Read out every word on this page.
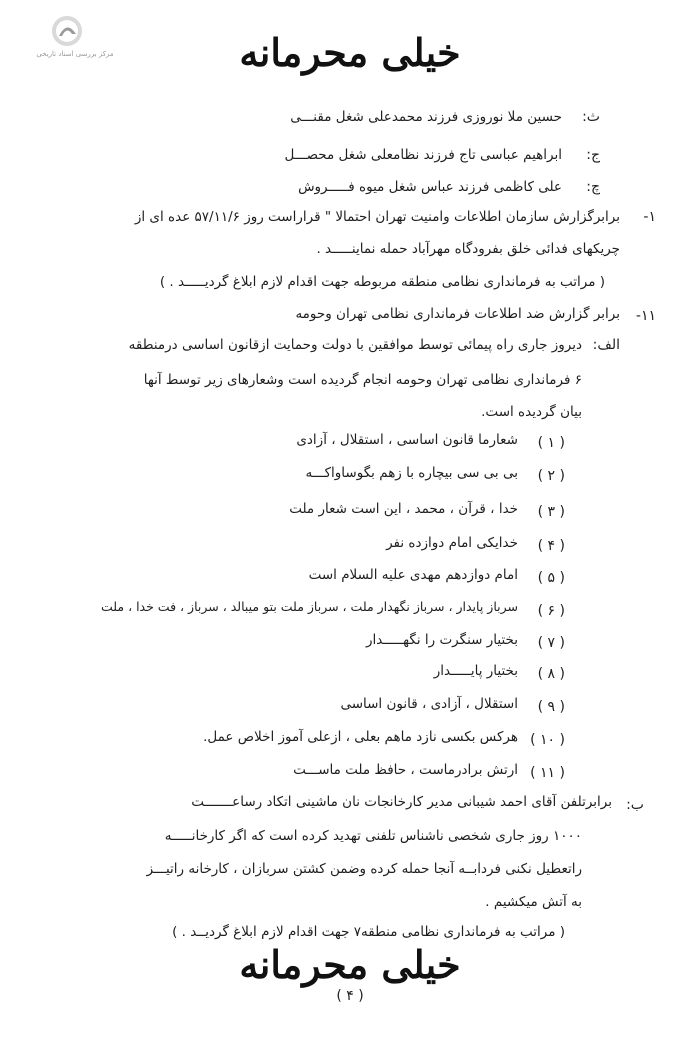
مرکز بررسی اسناد تاریخی	خیلی محرمانه
ث:
حسین ملا نوروزی فرزند محمدعلی شغل مقنـــی
ج:
ابراهیم عباسی تاج فرزند نظامعلی شغل محصـــل
چ:
علی کاظمی فرزند عباس شغل میوه فـــــروش
۱-
برابرگزارش سازمان اطلاعات وامنیت تهران احتمالا " قراراست روز ۵۷/۱۱/۶ عده ای از
چریکهای فدائی خلق بفرودگاه مهرآباد حمله نماینـــــد .
( مراتب به فرمانداری نظامی منطقه مربوطه جهت اقدام لازم ابلاغ گردیـــــد . )
۱۱-
برابر گزارش ضد اطلاعات فرمانداری نظامی تهران وحومه
الف:
دیروز جاری راه پیمائی توسط موافقین با دولت وحمایت ازقانون اساسی درمنطقه
۶ فرمانداری نظامی تهران وحومه انجام گردیده است وشعارهای زیر توسط آنها
بیان گردیده است.
( ۱ )
شعارما قانون اساسی ، استقلال ، آزادی
( ۲ )
بی بی سی بیچاره با زهم بگوساواکـــه
( ۳ )
خدا ، قرآن ، محمد ، این است شعار ملت
( ۴ )
خدایکی امام دوازده نفر
( ۵ )
امام دوازدهم مهدی علیه السلام است
( ۶ )
سرباز پایدار ، سرباز نگهدار ملت ، سرباز ملت بتو میبالد ، سرباز ، فت خدا ، ملت
( ۷ )
بختیار سنگرت را نگهـــــدار
( ۸ )
بختیار پایـــــدار
( ۹ )
استقلال ، آزادی ، قانون اساسی
( ۱۰ )
هرکس بکسی نازد ماهم بعلی ، ازعلی آموز اخلاص عمل.
( ۱۱ )
ارتش برادرماست ، حافظ ملت ماســـت
ب:
برابرتلفن آقای احمد شیبانی مدیر کارخانجات نان ماشینی اتکاد رساعـــــــت
۱۰۰۰ روز جاری شخصی ناشناس تلفنی تهدید کرده است که اگر کارخانـــــه
راتعطیل نکنی فردابــه آنجا حمله کرده وضمن کشتن سربازان ، کارخانه راتیـــز
به آتش میکشیم .
( مراتب به فرمانداری نظامی منطقه۷ جهت اقدام لازم ابلاغ گردیــد . )
خیلی محرمانه
( ۴ )
